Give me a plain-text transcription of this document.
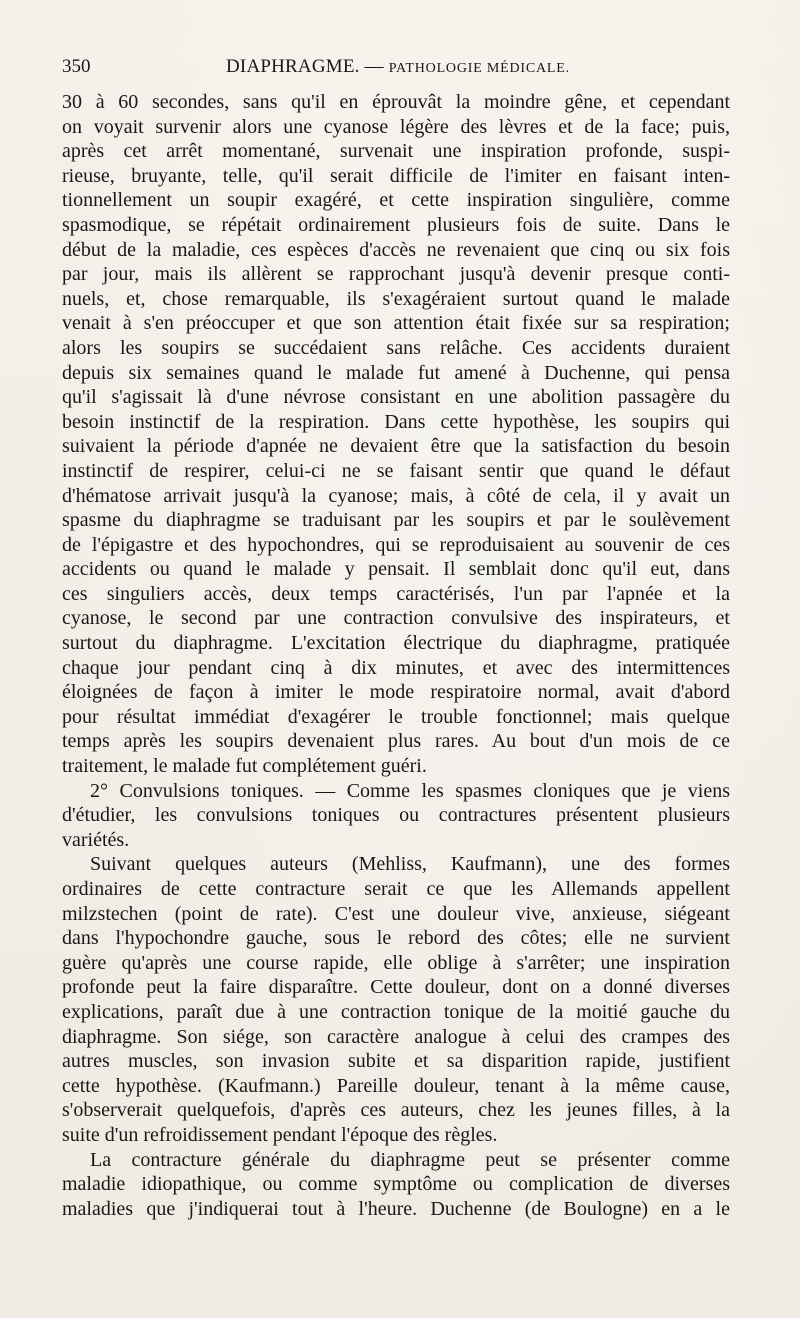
350	DIAPHRAGME. — PATHOLOGIE MÉDICALE.
30 à 60 secondes, sans qu'il en éprouvât la moindre gêne, et cependant
on voyait survenir alors une cyanose légère des lèvres et de la face; puis,
après cet arrêt momentané, survenait une inspiration profonde, suspi-
rieuse, bruyante, telle, qu'il serait difficile de l'imiter en faisant inten-
tionnellement un soupir exagéré, et cette inspiration singulière, comme
spasmodique, se répétait ordinairement plusieurs fois de suite. Dans le
début de la maladie, ces espèces d'accès ne revenaient que cinq ou six fois
par jour, mais ils allèrent se rapprochant jusqu'à devenir presque conti-
nuels, et, chose remarquable, ils s'exagéraient surtout quand le malade
venait à s'en préoccuper et que son attention était fixée sur sa respiration;
alors les soupirs se succédaient sans relâche. Ces accidents duraient
depuis six semaines quand le malade fut amené à Duchenne, qui pensa
qu'il s'agissait là d'une névrose consistant en une abolition passagère du
besoin instinctif de la respiration. Dans cette hypothèse, les soupirs qui
suivaient la période d'apnée ne devaient être que la satisfaction du besoin
instinctif de respirer, celui-ci ne se faisant sentir que quand le défaut
d'hématose arrivait jusqu'à la cyanose; mais, à côté de cela, il y avait un
spasme du diaphragme se traduisant par les soupirs et par le soulèvement
de l'épigastre et des hypochondres, qui se reproduisaient au souvenir de ces
accidents ou quand le malade y pensait. Il semblait donc qu'il eut, dans
ces singuliers accès, deux temps caractérisés, l'un par l'apnée et la
cyanose, le second par une contraction convulsive des inspirateurs, et
surtout du diaphragme. L'excitation électrique du diaphragme, pratiquée
chaque jour pendant cinq à dix minutes, et avec des intermittences
éloignées de façon à imiter le mode respiratoire normal, avait d'abord
pour résultat immédiat d'exagérer le trouble fonctionnel; mais quelque
temps après les soupirs devenaient plus rares. Au bout d'un mois de ce
traitement, le malade fut complétement guéri.
2° Convulsions toniques. — Comme les spasmes cloniques que je viens
d'étudier, les convulsions toniques ou contractures présentent plusieurs
variétés.
Suivant quelques auteurs (Mehliss, Kaufmann), une des formes
ordinaires de cette contracture serait ce que les Allemands appellent
milzstechen (point de rate). C'est une douleur vive, anxieuse, siégeant
dans l'hypochondre gauche, sous le rebord des côtes; elle ne survient
guère qu'après une course rapide, elle oblige à s'arrêter; une inspiration
profonde peut la faire disparaître. Cette douleur, dont on a donné diverses
explications, paraît due à une contraction tonique de la moitié gauche du
diaphragme. Son siége, son caractère analogue à celui des crampes des
autres muscles, son invasion subite et sa disparition rapide, justifient
cette hypothèse. (Kaufmann.) Pareille douleur, tenant à la même cause,
s'observerait quelquefois, d'après ces auteurs, chez les jeunes filles, à la
suite d'un refroidissement pendant l'époque des règles.
La contracture générale du diaphragme peut se présenter comme
maladie idiopathique, ou comme symptôme ou complication de diverses
maladies que j'indiquerai tout à l'heure. Duchenne (de Boulogne) en a le
